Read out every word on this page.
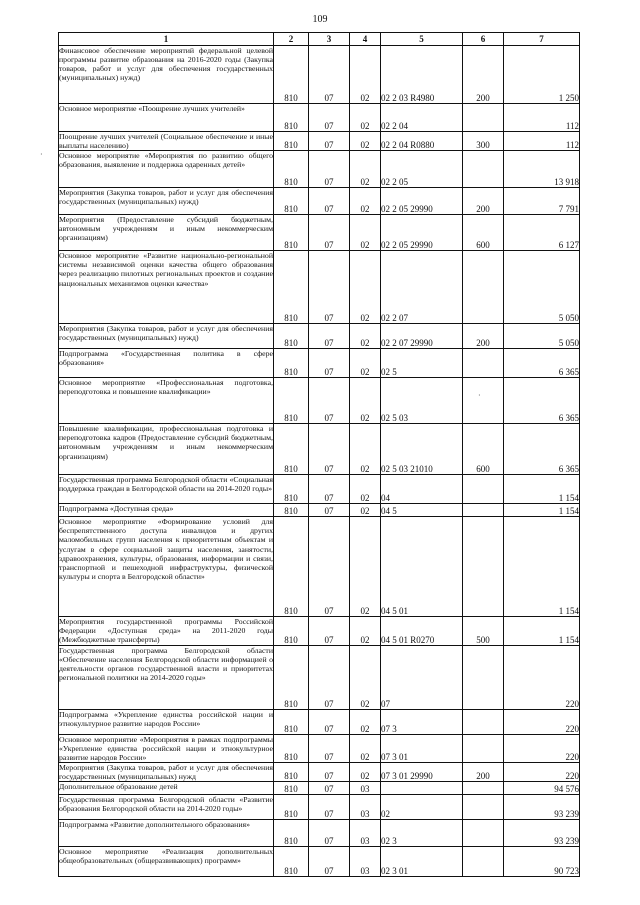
109
1	2	3	4	5	6	7
Финансовое обеспечение мероприятий федеральной целевой программы развитие образования на 2016-2020 годы (Закупка товаров, работ и услуг для обеспечения государственных (муниципальных) нужд)	810	07	02	02 2 03 R4980	200	1 250
Основное мероприятие «Поощрение лучших учителей»	810	07	02	02 2 04		112
Поощрение лучших учителей (Социальное обеспечение и иные выплаты населению)	810	07	02	02 2 04 R0880	300	112
Основное мероприятие «Мероприятия по развитию общего образования, выявление и поддержка одаренных детей»	810	07	02	02 2 05		13 918
Мероприятия (Закупка товаров, работ и услуг для обеспечения государственных (муниципальных) нужд)	810	07	02	02 2 05 29990	200	7 791
Мероприятия (Предоставление субсидий бюджетным, автономным учреждениям и иным некоммерческим организациям)	810	07	02	02 2 05 29990	600	6 127
Основное мероприятие «Развитие национально-региональной системы независимой оценки качества общего образования через реализацию пилотных региональных проектов и создание национальных механизмов оценки качества»	810	07	02	02 2 07		5 050
Мероприятия (Закупка товаров, работ и услуг для обеспечения государственных (муниципальных) нужд)	810	07	02	02 2 07 29990	200	5 050
Подпрограмма «Государственная политика в сфере образования»	810	07	02	02 5		6 365
Основное мероприятие «Профессиональная подготовка, переподготовка и повышение квалификации»	810	07	02	02 5 03		6 365
Повышение квалификации, профессиональная подготовка и переподготовка кадров (Предоставление субсидий бюджетным, автономным учреждениям и иным некоммерческим организациям)	810	07	02	02 5 03 21010	600	6 365
Государственная программа Белгородской области «Социальная поддержка граждан в Белгородской области на 2014-2020 годы»	810	07	02	04		1 154
Подпрограмма «Доступная среда»	810	07	02	04 5		1 154
Основное мероприятие «Формирование условий для беспрепятственного доступа инвалидов и других маломобильных групп населения к приоритетным объектам и услугам в сфере социальной защиты населения, занятости, здравоохранения, культуры, образования, информации и связи, транспортной и пешеходной инфраструктуры, физической культуры и спорта в Белгородской области»	810	07	02	04 5 01		1 154
Мероприятия государственной программы Российской Федерации «Доступная среда» на 2011-2020 годы (Межбюджетные трансферты)	810	07	02	04 5 01 R0270	500	1 154
Государственная программа Белгородской области «Обеспечение населения Белгородской области информацией о деятельности органов государственной власти и приоритетах региональной политики на 2014-2020 годы»	810	07	02	07		220
Подпрограмма «Укрепление единства российской нации и этнокультурное развитие народов России»	810	07	02	07 3		220
Основное мероприятие «Мероприятия в рамках подпрограммы «Укрепление единства российской нации и этнокультурное развитие народов России»	810	07	02	07 3 01		220
Мероприятия (Закупка товаров, работ и услуг для обеспечения государственных (муниципальных) нужд	810	07	02	07 3 01 29990	200	220
Дополнительное образование детей	810	07	03			94 576
Государственная программа Белгородской области «Развитие образования Белгородской области на 2014-2020 годы»	810	07	03	02		93 239
Подпрограмма «Развитие дополнительного образования»	810	07	03	02 3		93 239
Основное мероприятие «Реализация дополнительных общеобразовательных (общеразвивающих) программ»	810	07	03	02 3 01		90 723
·
·
